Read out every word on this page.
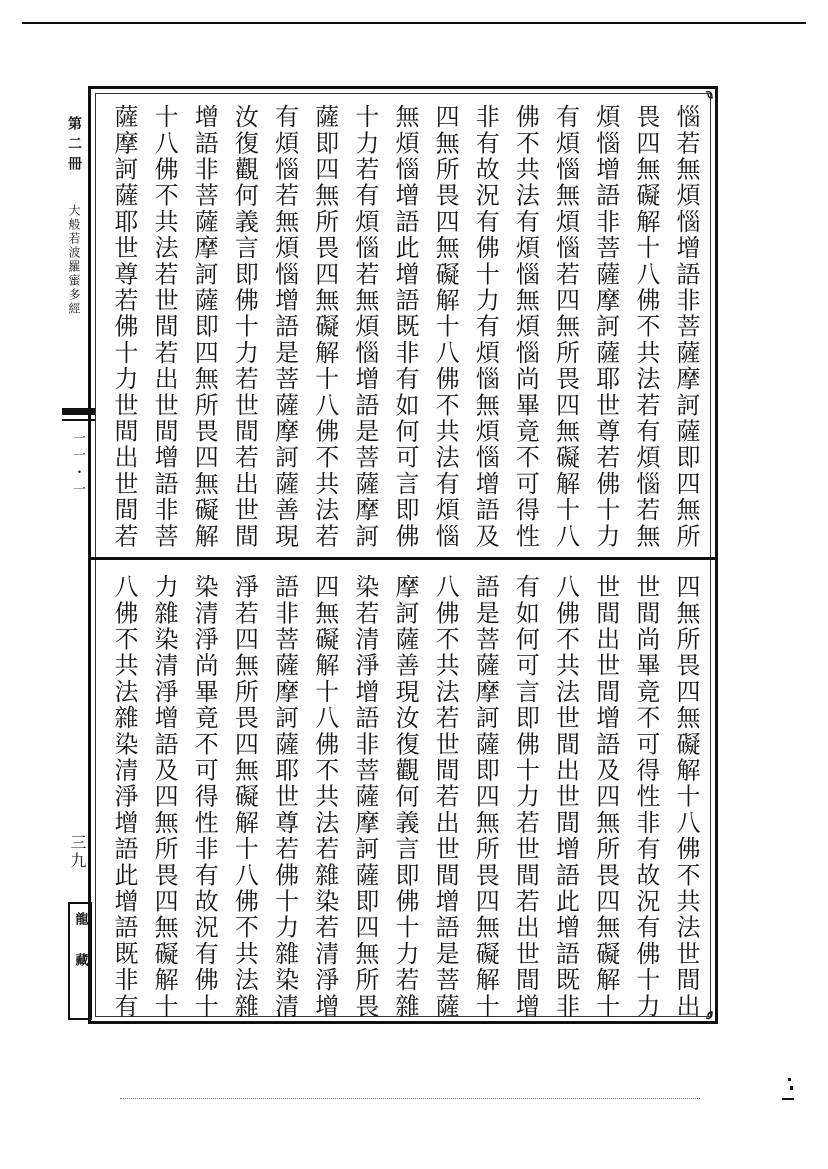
第二冊
大般若波羅蜜多經
一一・一
三九
龍藏
惱若無煩惱增語非菩薩摩訶薩即四無所
畏四無礙解十八佛不共法若有煩惱若無
煩惱增語非菩薩摩訶薩耶世尊若佛十力
有煩惱無煩惱若四無所畏四無礙解十八
佛不共法有煩惱無煩惱尚畢竟不可得性
非有故況有佛十力有煩惱無煩惱增語及
四無所畏四無礙解十八佛不共法有煩惱
無煩惱增語此增語既非有如何可言即佛
十力若有煩惱若無煩惱增語是菩薩摩訶
薩即四無所畏四無礙解十八佛不共法若
有煩惱若無煩惱增語是菩薩摩訶薩善現
汝復觀何義言即佛十力若世間若出世間
增語非菩薩摩訶薩即四無所畏四無礙解
十八佛不共法若世間若出世間增語非菩
薩摩訶薩耶世尊若佛十力世間出世間若
四無所畏四無礙解十八佛不共法世間出
世間尚畢竟不可得性非有故況有佛十力
世間出世間增語及四無所畏四無礙解十
八佛不共法世間出世間增語此增語既非
有如何可言即佛十力若世間若出世間增
語是菩薩摩訶薩即四無所畏四無礙解十
八佛不共法若世間若出世間增語是菩薩
摩訶薩善現汝復觀何義言即佛十力若雜
染若清淨增語非菩薩摩訶薩即四無所畏
四無礙解十八佛不共法若雜染若清淨增
語非菩薩摩訶薩耶世尊若佛十力雜染清
淨若四無所畏四無礙解十八佛不共法雜
染清淨尚畢竟不可得性非有故況有佛十
力雜染清淨增語及四無所畏四無礙解十
八佛不共法雜染清淨增語此增語既非有
